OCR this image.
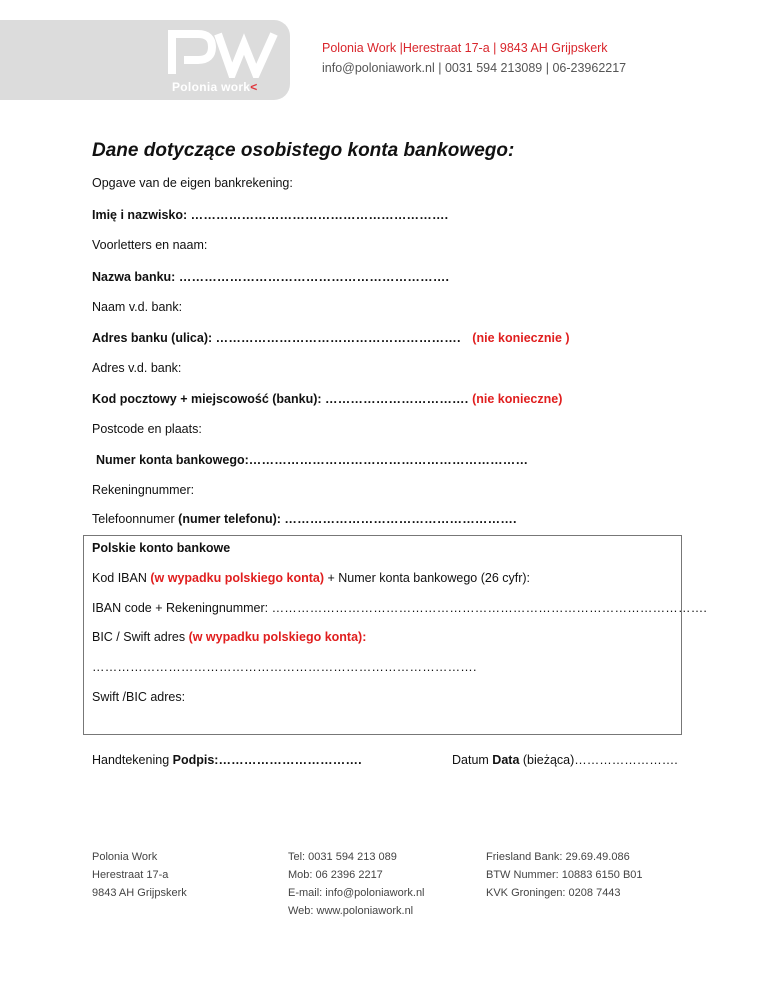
Polonia work<
Polonia Work |Herestraat 17-a | 9843 AH Grijpskerk
info@poloniawork.nl | 0031 594 213089 | 06-23962217
Dane dotyczące osobistego konta bankowego:
Opgave van de eigen bankrekening:
Imię i nazwisko: …………………………………………………….
Voorletters en naam:
Nazwa banku: ……………………………………………………….
Naam v.d. bank:
Adres banku (ulica): …………………………………………………. (nie koniecznie )
Adres v.d. bank:
Kod pocztowy + miejscowość (banku): ……………………………. (nie konieczne)
Postcode en plaats:
Numer konta bankowego:…………………………………………………………
Rekeningnummer:
Telefoonnumer (numer telefonu): ……………………………………………….
Polskie konto bankowe
Kod IBAN (w wypadku polskiego konta) + Numer konta bankowego (26 cyfr):
IBAN code + Rekeningnummer: ………………………………………………………………………………………….
BIC / Swift adres (w wypadku polskiego konta):
……………………………………………………………………………….
Swift /BIC adres:
Handtekening Podpis:…………………………….	Datum Data (bieżąca)…………………….
Polonia Work
Herestraat 17-a
9843 AH Grijpskerk
Tel: 0031 594 213 089
Mob: 06 2396 2217
E-mail: info@poloniawork.nl
Web: www.poloniawork.nl
Friesland Bank: 29.69.49.086
BTW Nummer: 10883 6150 B01
KVK Groningen: 0208 7443
